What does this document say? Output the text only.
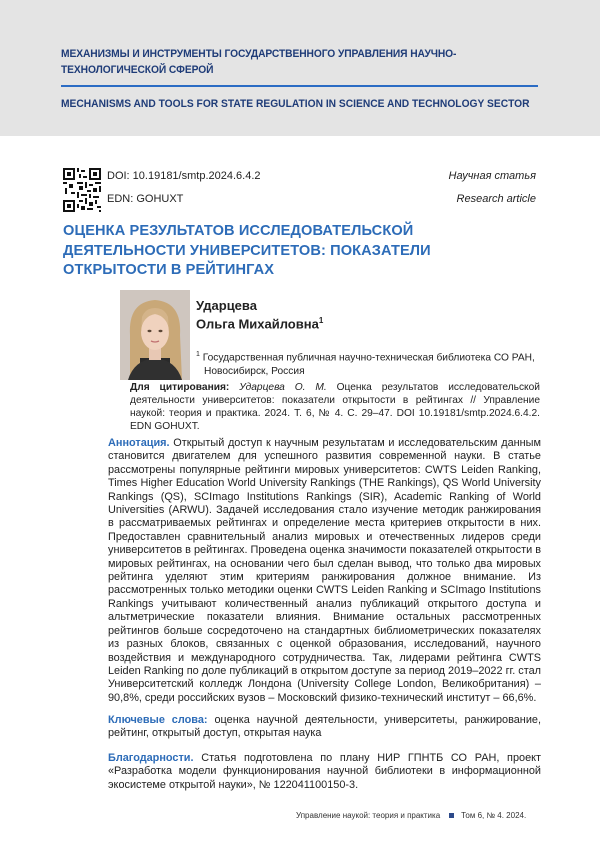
МЕХАНИЗМЫ И ИНСТРУМЕНТЫ ГОСУДАРСТВЕННОГО УПРАВЛЕНИЯ НАУЧНО-ТЕХНОЛОГИЧЕСКОЙ СФЕРОЙ
MECHANISMS AND TOOLS FOR STATE REGULATION IN SCIENCE AND TECHNOLOGY SECTOR
DOI: 10.19181/smtp.2024.6.4.2
EDN: GOHUXT
Научная статья
Research article
ОЦЕНКА РЕЗУЛЬТАТОВ ИССЛЕДОВАТЕЛЬСКОЙ ДЕЯТЕЛЬНОСТИ УНИВЕРСИТЕТОВ: ПОКАЗАТЕЛИ ОТКРЫТОСТИ В РЕЙТИНГАХ
Ударцева
Ольга Михайловна$^1$
$^1$ Государственная публичная научно-техническая библиотека СО РАН,
Новосибирск, Россия
Для цитирования: Ударцева О. М. Оценка результатов исследовательской деятельности университетов: показатели открытости в рейтингах // Управление наукой: теория и практика. 2024. Т. 6, № 4. С. 29–47. DOI 10.19181/smtp.2024.6.4.2. EDN GOHUXT.
Аннотация. Открытый доступ к научным результатам и исследовательским данным становится двигателем для успешного развития современной науки. В статье рассмотрены популярные рейтинги мировых университетов: CWTS Leiden Ranking, Times Higher Education World University Rankings (THE Rankings), QS World University Rankings (QS), SCImago Institutions Rankings (SIR), Academic Ranking of World Universities (ARWU). Задачей исследования стало изучение методик ранжирования в рассматриваемых рейтингах и определение места критериев открытости в них. Предоставлен сравнительный анализ мировых и отечественных лидеров среди университетов в рейтингах. Проведена оценка значимости показателей открытости в мировых рейтингах, на основании чего был сделан вывод, что только два мировых рейтинга уделяют этим критериям ранжирования должное внимание. Из рассмотренных только методики оценки CWTS Leiden Ranking и SCImago Institutions Rankings учитывают количественный анализ публикаций открытого доступа и альтметрические показатели влияния. Внимание остальных рассмотренных рейтингов больше сосредоточено на стандартных библиометрических показателях из разных блоков, связанных с оценкой образования, исследований, научного воздействия и международного сотрудничества. Так, лидерами рейтинга CWTS Leiden Ranking по доле публикаций в открытом доступе за период 2019–2022 гг. стал Университетский колледж Лондона (University College London, Великобритания) – 90,8%, среди российских вузов – Московский физико-технический институт – 66,6%.
Ключевые слова: оценка научной деятельности, университеты, ранжирование, рейтинг, открытый доступ, открытая наука
Благодарности. Статья подготовлена по плану НИР ГПНТБ СО РАН, проект «Разработка модели функционирования научной библиотеки в информационной экосистеме открытой науки», № 122041100150-3.
Управление наукой: теория и практика	Том 6, № 4. 2024.
